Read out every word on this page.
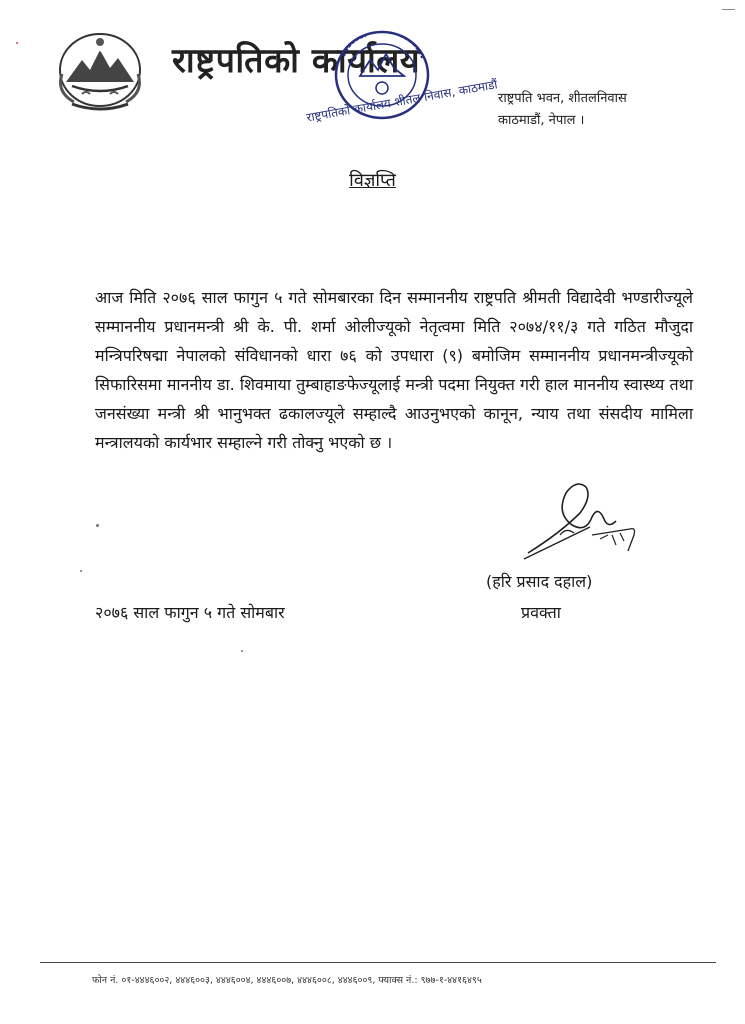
राष्ट्रपतिको कार्यालय
राष्ट्रपतिको कार्यालय शीतल निवास, काठमाडौं राष्ट्रपति भवन, शीतलनिवास
काठमाडौं, नेपाल ।
विज्ञप्ति
आज मिति २०७६ साल फागुन ५ गते सोमबारका दिन सम्माननीय राष्ट्रपति श्रीमती विद्यादेवी भण्डारीज्यूले सम्माननीय प्रधानमन्त्री श्री के. पी. शर्मा ओलीज्यूको नेतृत्वमा मिति २०७४/११/३ गते गठित मौजुदा मन्त्रिपरिषद्मा नेपालको संविधानको धारा ७६ को उपधारा (९) बमोजिम सम्माननीय प्रधानमन्त्रीज्यूको सिफारिसमा माननीय डा. शिवमाया तुम्बाहाङफेज्यूलाई मन्त्री पदमा नियुक्त गरी हाल माननीय स्वास्थ्य तथा जनसंख्या मन्त्री श्री भानुभक्त ढकालज्यूले सम्हाल्दै आउनुभएको कानून, न्याय तथा संसदीय मामिला मन्त्रालयको कार्यभार सम्हाल्ने गरी तोक्नु भएको छ ।
(हरि प्रसाद दहाल)
प्रवक्ता
२०७६ साल फागुन ५ गते सोमबार
फोन नं. ०१-४४४६००२, ४४४६००३, ४४४६००४, ४४४६००७, ४४४६००८, ४४४६००९, फ्याक्स नं.: ९७७-१-४४१६४९५
